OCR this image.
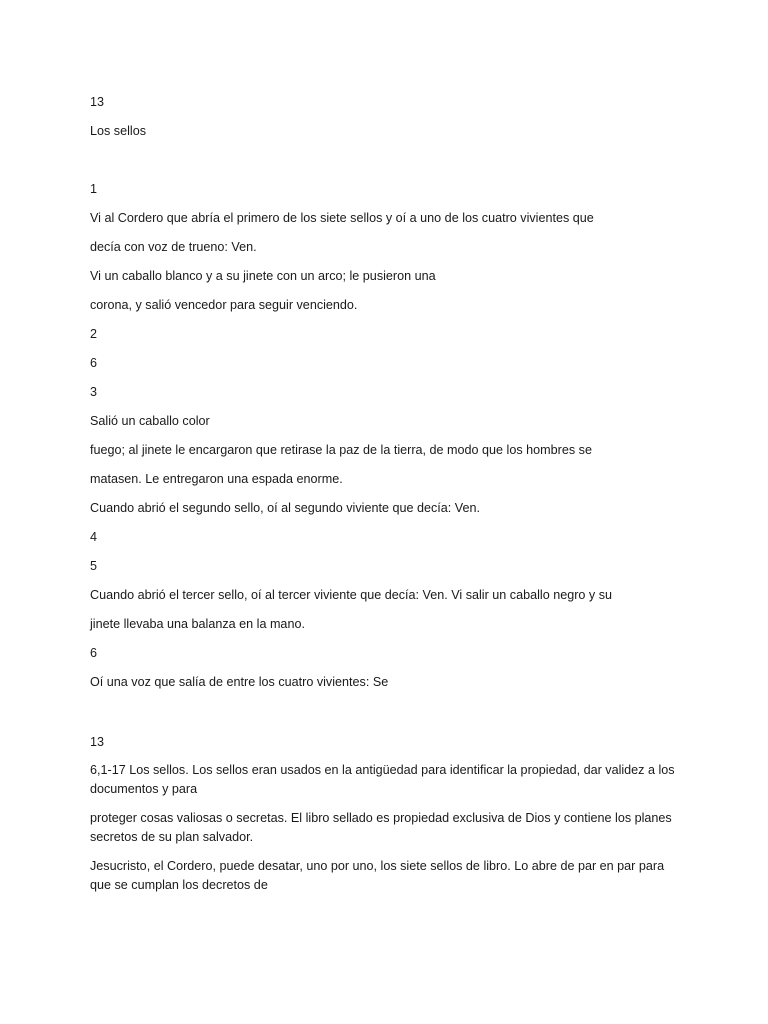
13

Los sellos

1

Vi al Cordero que abría el primero de los siete sellos y oí a uno de los cuatro vivientes que

decía con voz de trueno: Ven.

Vi un caballo blanco y a su jinete con un arco; le pusieron una

corona, y salió vencedor para seguir venciendo.

2

6

3

Salió un caballo color

fuego; al jinete le encargaron que retirase la paz de la tierra, de modo que los hombres se

matasen. Le entregaron una espada enorme.

Cuando abrió el segundo sello, oí al segundo viviente que decía: Ven.

4

5

Cuando abrió el tercer sello, oí al tercer viviente que decía: Ven. Vi salir un caballo negro y su

jinete llevaba una balanza en la mano.

6

Oí una voz que salía de entre los cuatro vivientes: Se

13

6,1-17 Los sellos. Los sellos eran usados en la antigüedad para identificar la propiedad, dar validez a los documentos y para

proteger cosas valiosas o secretas. El libro sellado es propiedad exclusiva de Dios y contiene los planes secretos de su plan salvador.

Jesucristo, el Cordero, puede desatar, uno por uno, los siete sellos de libro. Lo abre de par en par para que se cumplan los decretos de
